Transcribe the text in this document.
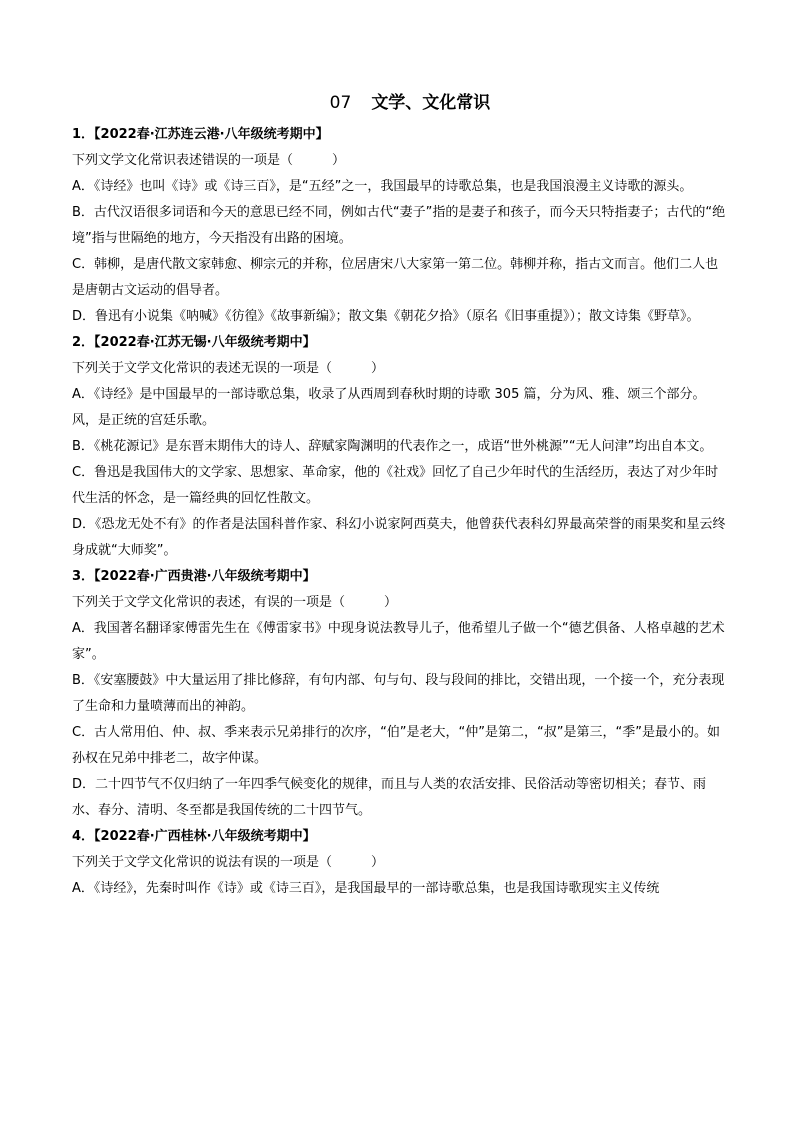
07 文学、文化常识
1．【2022春·江苏连云港·八年级统考期中】
下列文学文化常识表述错误的一项是（　　　）
A．《诗经》也叫《诗》或《诗三百》，是“五经”之一，我国最早的诗歌总集，也是我国浪漫主义诗歌的源头。
B．古代汉语很多词语和今天的意思已经不同，例如古代“妻子”指的是妻子和孩子，而今天只特指妻子；古代的“绝境”指与世隔绝的地方，今天指没有出路的困境。
C．韩柳，是唐代散文家韩愈、柳宗元的并称，位居唐宋八大家第一第二位。韩柳并称，指古文而言。他们二人也是唐朝古文运动的倡导者。
D．鲁迅有小说集《呐喊》《彷徨》《故事新编》；散文集《朝花夕拾》（原名《旧事重提》）；散文诗集《野草》。
2．【2022春·江苏无锡·八年级统考期中】
下列关于文学文化常识的表述无误的一项是（　　　）
A．《诗经》是中国最早的一部诗歌总集，收录了从西周到春秋时期的诗歌 305 篇，分为风、雅、颂三个部分。风，是正统的宫廷乐歌。
B．《桃花源记》是东晋末期伟大的诗人、辞赋家陶渊明的代表作之一，成语“世外桃源”“无人问津”均出自本文。
C．鲁迅是我国伟大的文学家、思想家、革命家，他的《社戏》回忆了自己少年时代的生活经历，表达了对少年时代生活的怀念，是一篇经典的回忆性散文。
D．《恐龙无处不有》的作者是法国科普作家、科幻小说家阿西莫夫，他曾获代表科幻界最高荣誉的雨果奖和星云终身成就“大师奖”。
3．【2022春·广西贵港·八年级统考期中】
下列关于文学文化常识的表述，有误的一项是（　　　）
A．我国著名翻译家傅雷先生在《傅雷家书》中现身说法教导儿子，他希望儿子做一个“德艺俱备、人格卓越的艺术家”。
B．《安塞腰鼓》中大量运用了排比修辞，有句内部、句与句、段与段间的排比，交错出现，一个接一个，充分表现了生命和力量喷薄而出的神韵。
C．古人常用伯、仲、叔、季来表示兄弟排行的次序，“伯”是老大，“仲”是第二，“叔”是第三，“季”是最小的。如孙权在兄弟中排老二，故字仲谋。
D．二十四节气不仅归纳了一年四季气候变化的规律，而且与人类的农活安排、民俗活动等密切相关；春节、雨水、春分、清明、冬至都是我国传统的二十四节气。
4．【2022春·广西桂林·八年级统考期中】
下列关于文学文化常识的说法有误的一项是（　　　）
A．《诗经》，先秦时叫作《诗》或《诗三百》，是我国最早的一部诗歌总集，也是我国诗歌现实主义传统
